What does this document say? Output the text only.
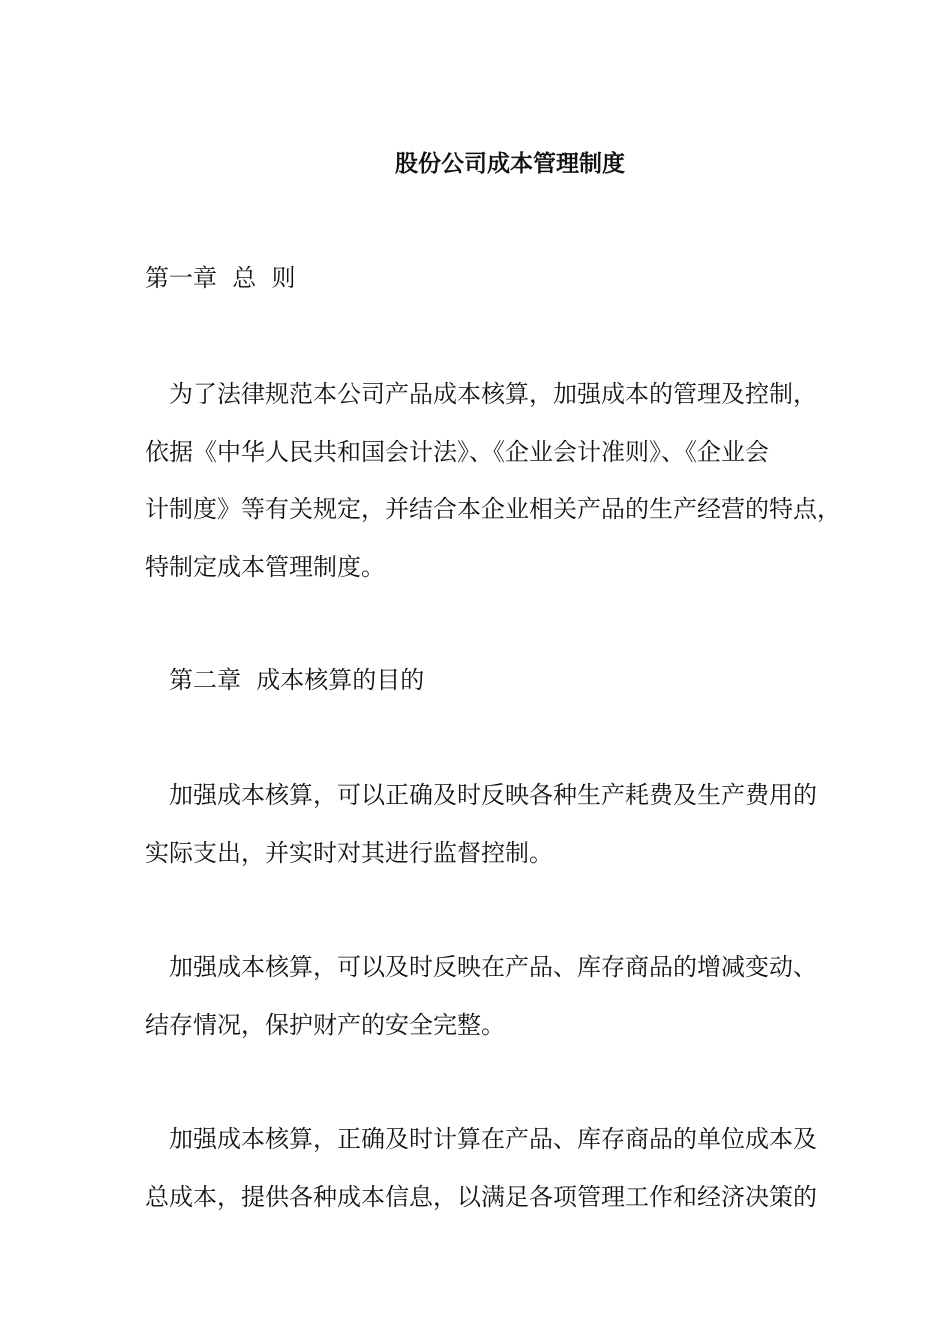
股份公司成本管理制度
第一章  总  则
为了法律规范本公司产品成本核算，加强成本的管理及控制，
依据《中华人民共和国会计法》、《企业会计准则》、《企业会
计制度》等有关规定，并结合本企业相关产品的生产经营的特点，
特制定成本管理制度。
第二章  成本核算的目的
加强成本核算，可以正确及时反映各种生产耗费及生产费用的
实际支出，并实时对其进行监督控制。
加强成本核算，可以及时反映在产品、库存商品的增减变动、
结存情况，保护财产的安全完整。
加强成本核算，正确及时计算在产品、库存商品的单位成本及
总成本，提供各种成本信息，以满足各项管理工作和经济决策的
